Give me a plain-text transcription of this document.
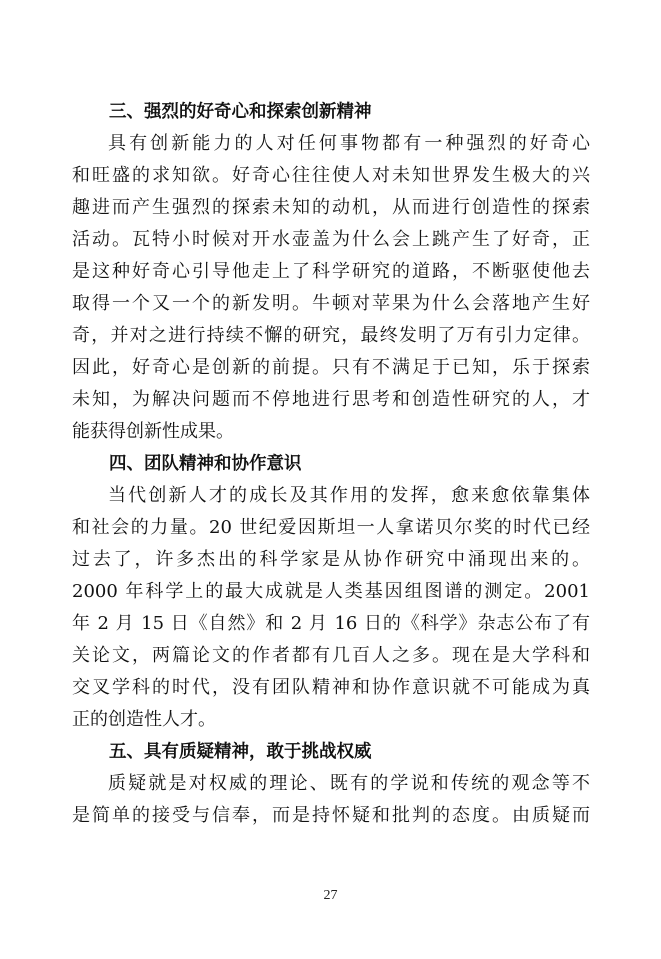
三、强烈的好奇心和探索创新精神
具有创新能力的人对任何事物都有一种强烈的好奇心
和旺盛的求知欲。好奇心往往使人对未知世界发生极大的兴
趣进而产生强烈的探索未知的动机，从而进行创造性的探索
活动。瓦特小时候对开水壶盖为什么会上跳产生了好奇，正
是这种好奇心引导他走上了科学研究的道路，不断驱使他去
取得一个又一个的新发明。牛顿对苹果为什么会落地产生好
奇，并对之进行持续不懈的研究，最终发明了万有引力定律。
因此，好奇心是创新的前提。只有不满足于已知，乐于探索
未知，为解决问题而不停地进行思考和创造性研究的人，才
能获得创新性成果。
四、团队精神和协作意识
当代创新人才的成长及其作用的发挥，愈来愈依靠集体
和社会的力量。20 世纪爱因斯坦一人拿诺贝尔奖的时代已经
过去了，许多杰出的科学家是从协作研究中涌现出来的。
2000 年科学上的最大成就是人类基因组图谱的测定。2001
年 2 月 15 日《自然》和 2 月 16 日的《科学》杂志公布了有
关论文，两篇论文的作者都有几百人之多。现在是大学科和
交叉学科的时代，没有团队精神和协作意识就不可能成为真
正的创造性人才。
五、具有质疑精神，敢于挑战权威
质疑就是对权威的理论、既有的学说和传统的观念等不
是简单的接受与信奉，而是持怀疑和批判的态度。由质疑而
27
